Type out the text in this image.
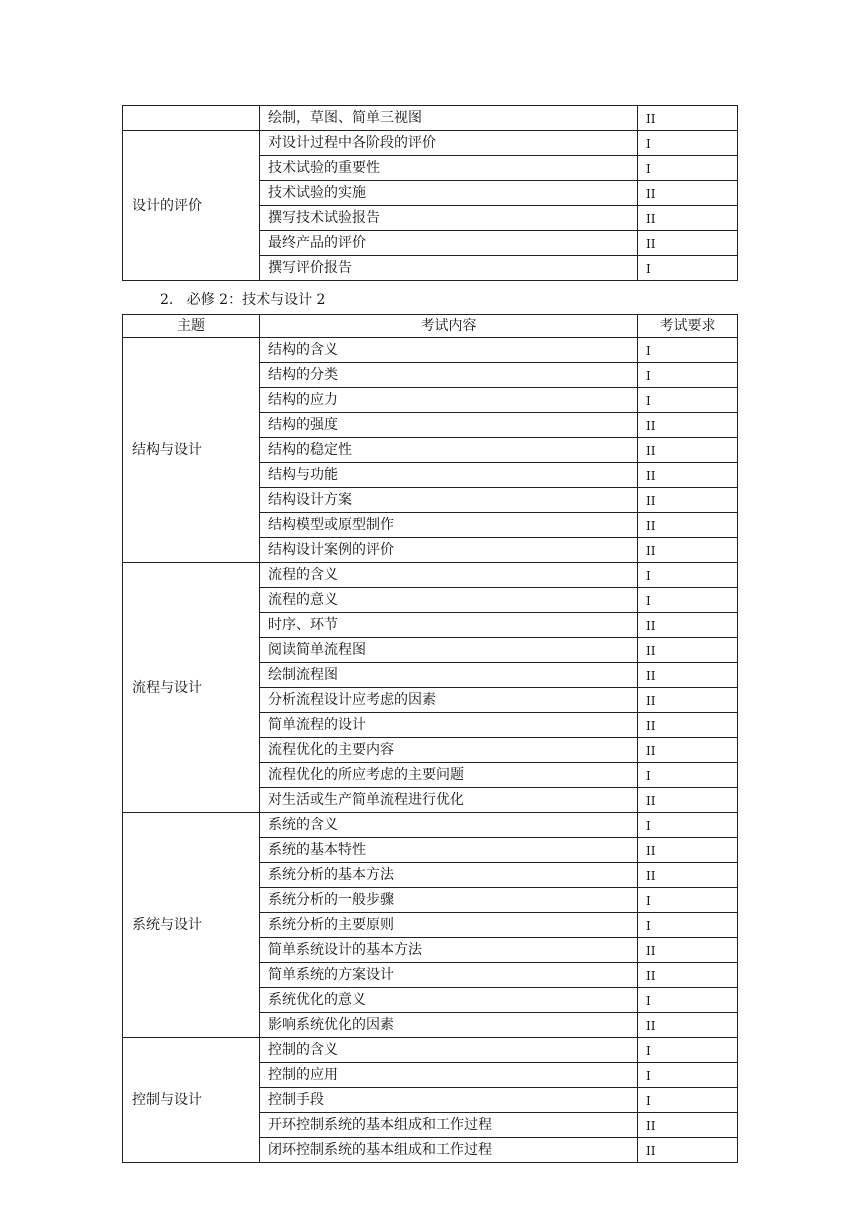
	绘制，草图、简单三视图	II
设计的评价	对设计过程中各阶段的评价	I
	技术试验的重要性	I
	技术试验的实施	II
	撰写技术试验报告	II
	最终产品的评价	II
	撰写评价报告	I
2. 必修 2：技术与设计 2
主题	考试内容	考试要求
结构与设计	结构的含义	I
	结构的分类	I
	结构的应力	I
	结构的强度	II
	结构的稳定性	II
	结构与功能	II
	结构设计方案	II
	结构模型或原型制作	II
	结构设计案例的评价	II
流程与设计	流程的含义	I
	流程的意义	I
	时序、环节	II
	阅读简单流程图	II
	绘制流程图	II
	分析流程设计应考虑的因素	II
	简单流程的设计	II
	流程优化的主要内容	II
	流程优化的所应考虑的主要问题	I
	对生活或生产简单流程进行优化	II
系统与设计	系统的含义	I
	系统的基本特性	II
	系统分析的基本方法	II
	系统分析的一般步骤	I
	系统分析的主要原则	I
	简单系统设计的基本方法	II
	简单系统的方案设计	II
	系统优化的意义	I
	影响系统优化的因素	II
控制与设计	控制的含义	I
	控制的应用	I
	控制手段	I
	开环控制系统的基本组成和工作过程	II
	闭环控制系统的基本组成和工作过程	II
